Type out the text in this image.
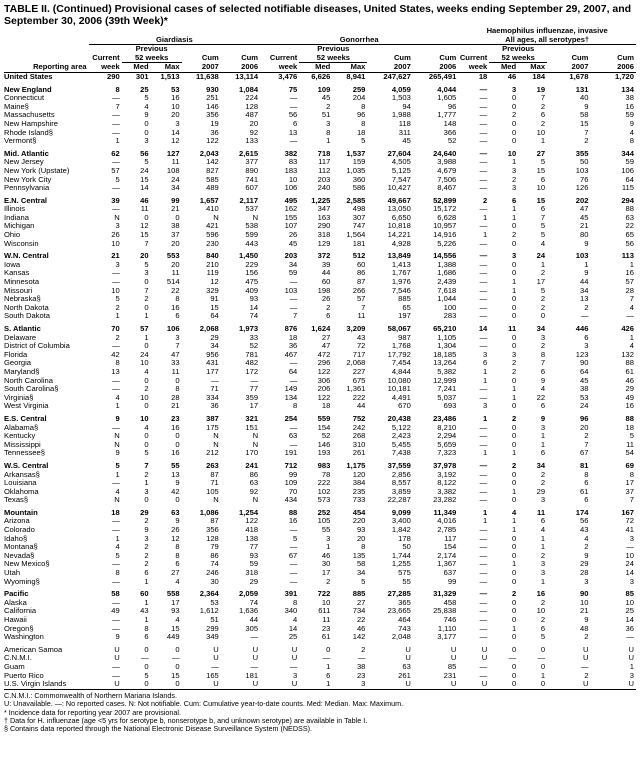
TABLE II. (Continued) Provisional cases of selected notifiable diseases, United States, weeks ending September 29, 2007, and
September 30, 2006 (39th Week)*
											Haemophilus influenzae, invasive				
	Giardiasis					Gonorrhea					All ages, all serotypes†				
		Previous					Previous					Previous			
	Current	52 weeks		Cum	Cum	Current	52 weeks		Cum	Cum	Current	52 weeks		Cum	Cum
Reporting area	week	Med	Max	2007	2006	week	Med	Max	2007	2006	week	Med	Max	2007	2006
United States	290	301	1,513	11,638	13,114	3,476	6,626	8,941	247,627	265,491	18	46	184	1,678	1,720

New England	8	25	53	930	1,084	75	109	259	4,059	4,044	—	3	19	131	134
Connecticut	—	5	16	251	224	—	45	204	1,503	1,605	—	0	7	40	38
Maine§	7	4	10	146	128	—	2	8	94	96	—	0	2	9	16
Massachusetts	—	9	20	356	487	56	51	96	1,988	1,777	—	2	6	58	59
New Hampshire	—	0	3	19	20	6	3	8	118	148	—	0	2	15	9
Rhode Island§	—	0	14	36	92	13	8	18	311	366	—	0	10	7	4
Vermont§	1	3	12	122	133	—	1	5	45	52	—	0	1	2	8

Mid. Atlantic	62	56	127	2,043	2,615	382	718	1,537	27,604	24,640	—	10	27	355	344
New Jersey	—	5	11	142	377	83	117	159	4,505	3,988	—	1	5	50	59
New York (Upstate)	57	24	108	827	890	183	112	1,035	5,125	4,679	—	3	15	103	106
New York City	5	15	24	585	741	10	203	360	7,547	7,506	—	2	6	76	64
Pennsylvania	—	14	34	489	607	106	240	586	10,427	8,467	—	3	10	126	115

E.N. Central	39	46	99	1,657	2,117	495	1,225	2,585	49,667	52,899	2	6	15	202	294
Illinois	—	11	21	410	537	162	347	498	13,050	15,172	—	1	6	47	88
Indiana	N	0	0	N	N	155	163	307	6,650	6,628	1	1	7	45	63
Michigan	3	12	38	421	538	107	290	747	10,818	10,957	—	0	5	21	22
Ohio	26	15	37	596	599	26	318	1,564	14,221	14,916	1	2	5	80	65
Wisconsin	10	7	20	230	443	45	129	181	4,928	5,226	—	0	4	9	56

W.N. Central	21	20	553	840	1,450	203	372	512	13,849	14,556	—	3	24	103	113
Iowa	3	5	20	210	229	34	39	60	1,413	1,388	—	0	1	1	1
Kansas	—	3	11	119	156	59	44	86	1,767	1,686	—	0	2	9	16
Minnesota	—	0	514	12	475	—	60	87	1,976	2,439	—	1	17	44	57
Missouri	10	7	22	329	409	103	198	266	7,546	7,618	—	1	5	34	28
Nebraska§	5	2	8	91	93	—	26	57	885	1,044	—	0	2	13	7
North Dakota	2	0	16	15	14	—	2	7	65	100	—	0	2	2	4
South Dakota	1	1	6	64	74	7	6	11	197	283	—	0	0	—	—

S. Atlantic	70	57	106	2,068	1,973	876	1,624	3,209	58,067	65,210	14	11	34	446	426
Delaware	2	1	3	29	33	18	27	43	987	1,105	—	0	3	6	1
District of Columbia	—	0	7	34	52	36	47	72	1,768	1,304	—	0	2	3	4
Florida	42	24	47	956	781	467	472	717	17,792	18,185	3	3	8	123	132
Georgia	8	10	33	431	482	—	296	2,068	7,454	13,264	6	2	7	90	88
Maryland§	13	4	11	177	172	64	122	227	4,844	5,382	1	2	6	64	61
North Carolina	—	0	0	—	—	—	306	675	10,080	12,999	1	0	9	45	46
South Carolina§	—	2	8	71	77	149	206	1,361	10,181	7,241	—	1	4	38	29
Virginia§	4	10	28	334	359	134	122	222	4,491	5,037	—	1	22	53	49
West Virginia	1	0	21	36	17	8	18	44	670	693	3	0	6	24	16

E.S. Central	9	10	23	387	321	254	559	752	20,438	23,486	1	2	9	96	88
Alabama§	—	4	16	175	151	—	154	242	5,122	8,210	—	0	3	20	18
Kentucky	N	0	0	N	N	63	52	268	2,423	2,294	—	0	1	2	5
Mississippi	N	0	0	N	N	—	146	310	5,455	5,659	—	0	1	7	11
Tennessee§	9	5	16	212	170	191	193	261	7,438	7,323	1	1	6	67	54

W.S. Central	5	7	55	263	241	712	983	1,175	37,559	37,978	—	2	34	81	69
Arkansas§	1	2	13	87	86	99	78	120	2,856	3,192	—	0	2	8	8
Louisiana	—	1	9	71	63	109	222	384	8,557	8,122	—	0	2	6	17
Oklahoma	4	3	42	105	92	70	102	235	3,859	3,382	—	1	29	61	37
Texas§	N	0	0	N	N	434	573	733	22,287	23,282	—	0	3	6	7

Mountain	18	29	63	1,086	1,254	88	252	454	9,099	11,349	1	4	11	174	167
Arizona	—	2	9	87	122	16	105	220	3,400	4,016	1	1	6	56	72
Colorado	—	9	26	356	418	—	55	93	1,842	2,785	—	1	4	43	41
Idaho§	1	3	12	128	138	5	3	20	178	117	—	0	1	4	3
Montana§	4	2	8	79	77	—	1	8	50	154	—	0	1	2	—
Nevada§	5	2	8	86	93	67	46	135	1,744	2,174	—	0	2	9	10
New Mexico§	—	2	6	74	59	—	30	58	1,255	1,367	—	1	3	29	24
Utah	8	6	27	246	318	—	17	34	575	637	—	0	3	28	14
Wyoming§	—	1	4	30	29	—	2	5	55	99	—	0	1	3	3

Pacific	58	60	558	2,364	2,059	391	722	885	27,285	31,329	—	2	16	90	85
Alaska	—	1	17	53	74	8	10	27	365	458	—	0	2	10	10
California	49	43	93	1,612	1,636	340	611	734	23,665	25,838	—	0	10	21	25
Hawaii	—	1	4	51	44	4	11	22	464	746	—	0	2	9	14
Oregon§	—	8	15	299	305	14	23	46	743	1,110	—	1	6	48	36
Washington	9	6	449	349	—	25	61	142	2,048	3,177	—	0	5	2	—

American Samoa	U	0	0	U	U	U	0	2	U	U	U	0	0	U	U
C.N.M.I.	U	—	—	U	U	U	—	—	U	U	U	—	—	U	U
Guam	—	0	0	—	—	—	1	38	63	85	—	0	0	—	1
Puerto Rico	—	5	15	165	181	3	6	23	261	231	—	0	1	2	3
U.S. Virgin Islands	U	0	0	U	U	U	1	3	U	U	U	0	0	U	U
C.N.M.I.: Commonwealth of Northern Mariana Islands.
U: Unavailable. —: No reported cases. N: Not notifiable. Cum: Cumulative year-to-date counts. Med: Median. Max: Maximum.
* Incidence data for reporting year 2007 are provisional.
† Data for H. influenzae (age <5 yrs for serotype b, nonserotype b, and unknown serotype) are available in Table I.
§ Contains data reported through the National Electronic Disease Surveillance System (NEDSS).
